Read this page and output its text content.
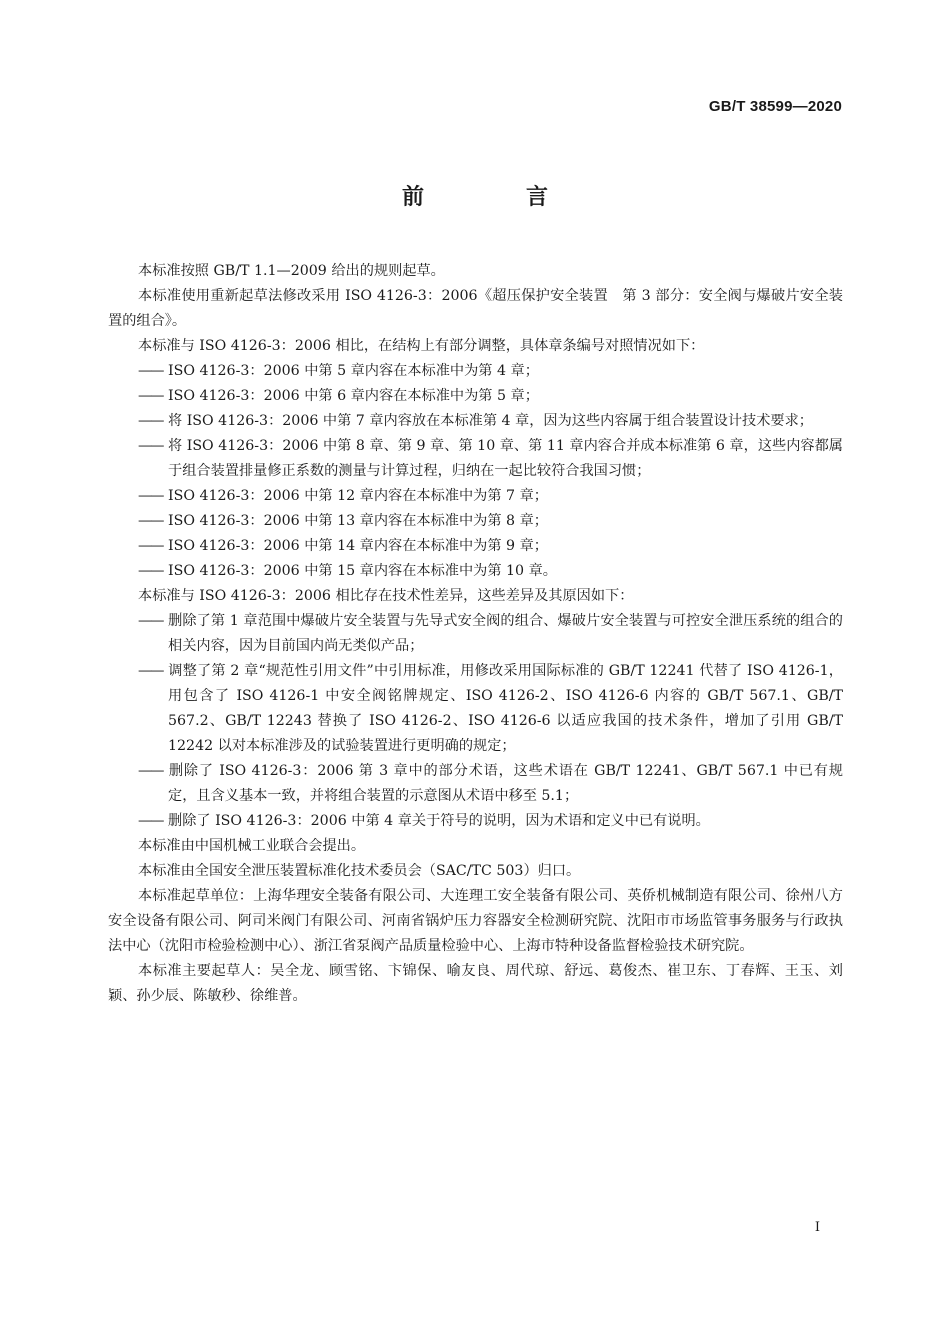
GB/T 38599—2020
前　言

本标准按照 GB/T 1.1—2009 给出的规则起草。

本标准使用重新起草法修改采用 ISO 4126-3：2006《超压保护安全装置　第 3 部分：安全阀与爆破片安全装置的组合》。

本标准与 ISO 4126-3：2006 相比，在结构上有部分调整，具体章条编号对照情况如下：

—— ISO 4126-3：2006 中第 5 章内容在本标准中为第 4 章；

—— ISO 4126-3：2006 中第 6 章内容在本标准中为第 5 章；

—— 将 ISO 4126-3：2006 中第 7 章内容放在本标准第 4 章，因为这些内容属于组合装置设计技术要求；

—— 将 ISO 4126-3：2006 中第 8 章、第 9 章、第 10 章、第 11 章内容合并成本标准第 6 章，这些内容都属于组合装置排量修正系数的测量与计算过程，归纳在一起比较符合我国习惯；

—— ISO 4126-3：2006 中第 12 章内容在本标准中为第 7 章；

—— ISO 4126-3：2006 中第 13 章内容在本标准中为第 8 章；

—— ISO 4126-3：2006 中第 14 章内容在本标准中为第 9 章；

—— ISO 4126-3：2006 中第 15 章内容在本标准中为第 10 章。

本标准与 ISO 4126-3：2006 相比存在技术性差异，这些差异及其原因如下：

—— 删除了第 1 章范围中爆破片安全装置与先导式安全阀的组合、爆破片安全装置与可控安全泄压系统的组合的相关内容，因为目前国内尚无类似产品；

—— 调整了第 2 章“规范性引用文件”中引用标准，用修改采用国际标准的 GB/T 12241 代替了 ISO 4126-1，用包含了 ISO 4126-1 中安全阀铭牌规定、ISO 4126-2、ISO 4126-6 内容的 GB/T 567.1、GB/T 567.2、GB/T 12243 替换了 ISO 4126-2、ISO 4126-6 以适应我国的技术条件，增加了引用 GB/T 12242 以对本标准涉及的试验装置进行更明确的规定；

—— 删除了 ISO 4126-3：2006 第 3 章中的部分术语，这些术语在 GB/T 12241、GB/T 567.1 中已有规定，且含义基本一致，并将组合装置的示意图从术语中移至 5.1；

—— 删除了 ISO 4126-3：2006 中第 4 章关于符号的说明，因为术语和定义中已有说明。

本标准由中国机械工业联合会提出。

本标准由全国安全泄压装置标准化技术委员会（SAC/TC 503）归口。

本标准起草单位：上海华理安全装备有限公司、大连理工安全装备有限公司、英侨机械制造有限公司、徐州八方安全设备有限公司、阿司米阀门有限公司、河南省锅炉压力容器安全检测研究院、沈阳市市场监管事务服务与行政执法中心（沈阳市检验检测中心）、浙江省泵阀产品质量检验中心、上海市特种设备监督检验技术研究院。

本标准主要起草人：吴全龙、顾雪铭、卞锦保、喻友良、周代琼、舒远、葛俊杰、崔卫东、丁春辉、王玉、刘颖、孙少辰、陈敏秒、徐维普。

I
